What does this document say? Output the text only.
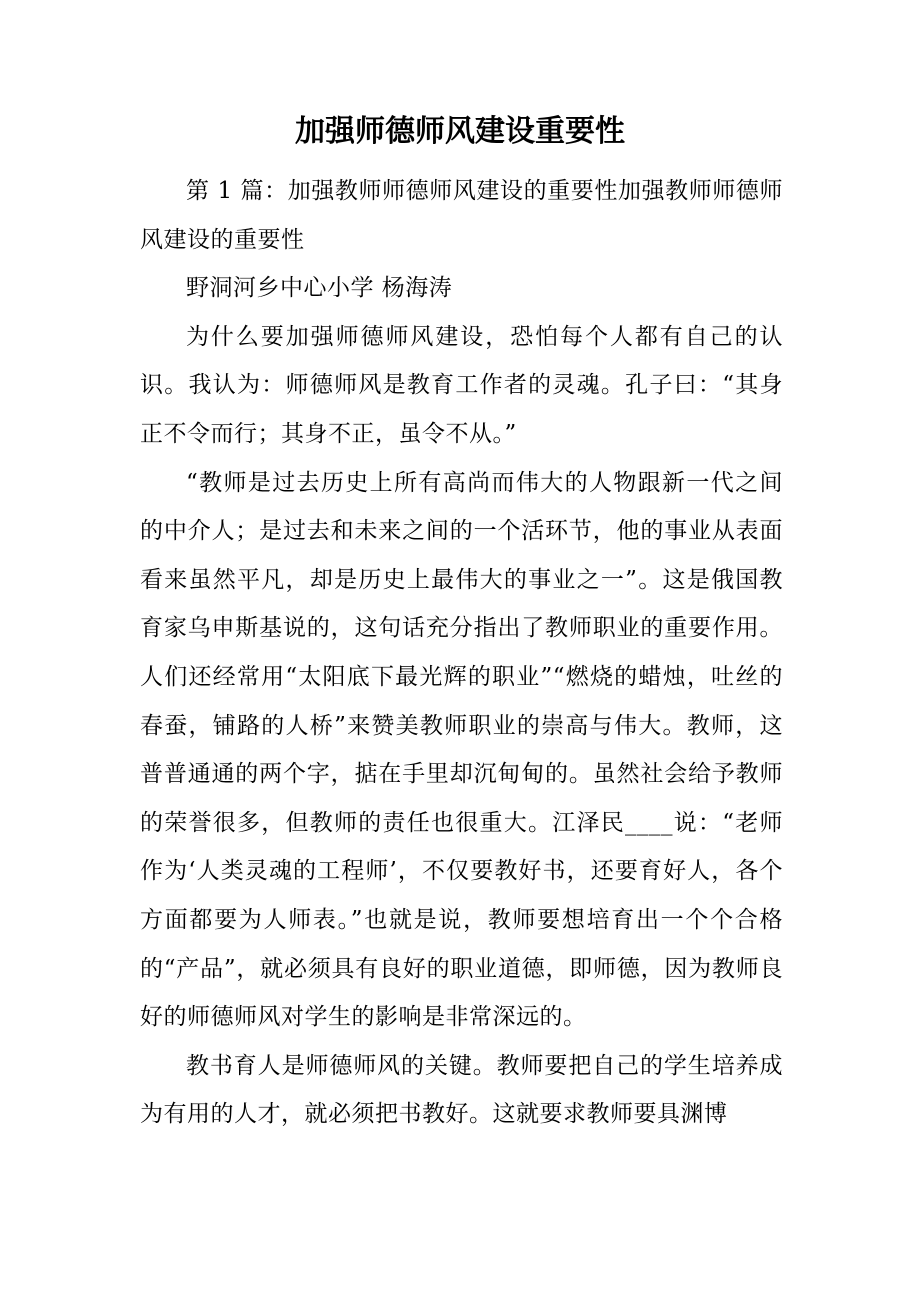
加强师德师风建设重要性

第 1 篇：加强教师师德师风建设的重要性加强教师师德师风建设的重要性

野洞河乡中心小学 杨海涛

为什么要加强师德师风建设，恐怕每个人都有自己的认识。我认为：师德师风是教育工作者的灵魂。孔子曰：“其身正不令而行；其身不正，虽令不从。”

“教师是过去历史上所有高尚而伟大的人物跟新一代之间的中介人；是过去和未来之间的一个活环节，他的事业从表面看来虽然平凡，却是历史上最伟大的事业之一”。这是俄国教育家乌申斯基说的，这句话充分指出了教师职业的重要作用。人们还经常用“太阳底下最光辉的职业”“燃烧的蜡烛，吐丝的春蚕，铺路的人桥”来赞美教师职业的崇高与伟大。教师，这普普通通的两个字，掂在手里却沉甸甸的。虽然社会给予教师的荣誉很多，但教师的责任也很重大。江泽民____说：“老师作为‘人类灵魂的工程师’，不仅要教好书，还要育好人，各个方面都要为人师表。”也就是说，教师要想培育出一个个合格的“产品”，就必须具有良好的职业道德，即师德，因为教师良好的师德师风对学生的影响是非常深远的。

教书育人是师德师风的关键。教师要把自己的学生培养成为有用的人才，就必须把书教好。这就要求教师要具渊博
